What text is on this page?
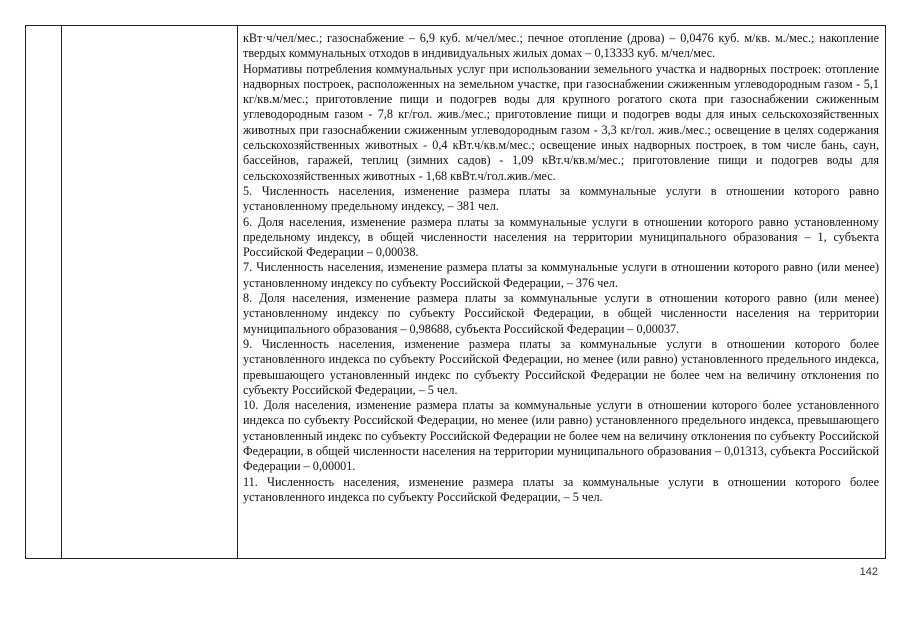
кВт·ч/чел/мес.; газоснабжение – 6,9 куб. м/чел/мес.; печное отопление (дрова) – 0,0476 куб. м/кв. м./мес.; накопление твердых коммунальных отходов в индивидуальных жилых домах – 0,13333 куб. м/чел/мес.

Нормативы потребления коммунальных услуг при использовании земельного участка и надворных построек: отопление надворных построек, расположенных на земельном участке, при газоснабжении сжиженным углеводородным газом - 5,1 кг/кв.м/мес.; приготовление пищи и подогрев воды для крупного рогатого скота при газоснабжении сжиженным углеводородным газом - 7,8 кг/гол. жив./мес.; приготовление пищи и подогрев воды для иных сельскохозяйственных животных при газоснабжении сжиженным углеводородным газом - 3,3 кг/гол. жив./мес.; освещение в целях содержания сельскохозяйственных животных - 0,4 кВт.ч/кв.м/мес.; освещение иных надворных построек, в том числе бань, саун, бассейнов, гаражей, теплиц (зимних садов) - 1,09 кВт.ч/кв.м/мес.; приготовление пищи и подогрев воды для сельскохозяйственных животных - 1,68 квВт.ч/гол.жив./мес.

5. Численность населения, изменение размера платы за коммунальные услуги в отношении которого равно установленному предельному индексу, – 381 чел.

6. Доля населения, изменение размера платы за коммунальные услуги в отношении которого равно установленному предельному индексу, в общей численности населения на территории муниципального образования – 1, субъекта Российской Федерации – 0,00038.

7. Численность населения, изменение размера платы за коммунальные услуги в отношении которого равно (или менее) установленному индексу по субъекту Российской Федерации, – 376 чел.

8. Доля населения, изменение размера платы за коммунальные услуги в отношении которого равно (или менее) установленному индексу по субъекту Российской Федерации, в общей численности населения на территории муниципального образования – 0,98688, субъекта Российской Федерации – 0,00037.

9. Численность населения, изменение размера платы за коммунальные услуги в отношении которого более установленного индекса по субъекту Российской Федерации, но менее (или равно) установленного предельного индекса, превышающего установленный индекс по субъекту Российской Федерации не более чем на величину отклонения по субъекту Российской Федерации, – 5 чел.

10. Доля населения, изменение размера платы за коммунальные услуги в отношении которого более установленного индекса по субъекту Российской Федерации, но менее (или равно) установленного предельного индекса, превышающего установленный индекс по субъекту Российской Федерации не более чем на величину отклонения по субъекту Российской Федерации, в общей численности населения на территории муниципального образования – 0,01313, субъекта Российской Федерации – 0,00001.

11. Численность населения, изменение размера платы за коммунальные услуги в отношении которого более установленного индекса по субъекту Российской Федерации, – 5 чел.

142
